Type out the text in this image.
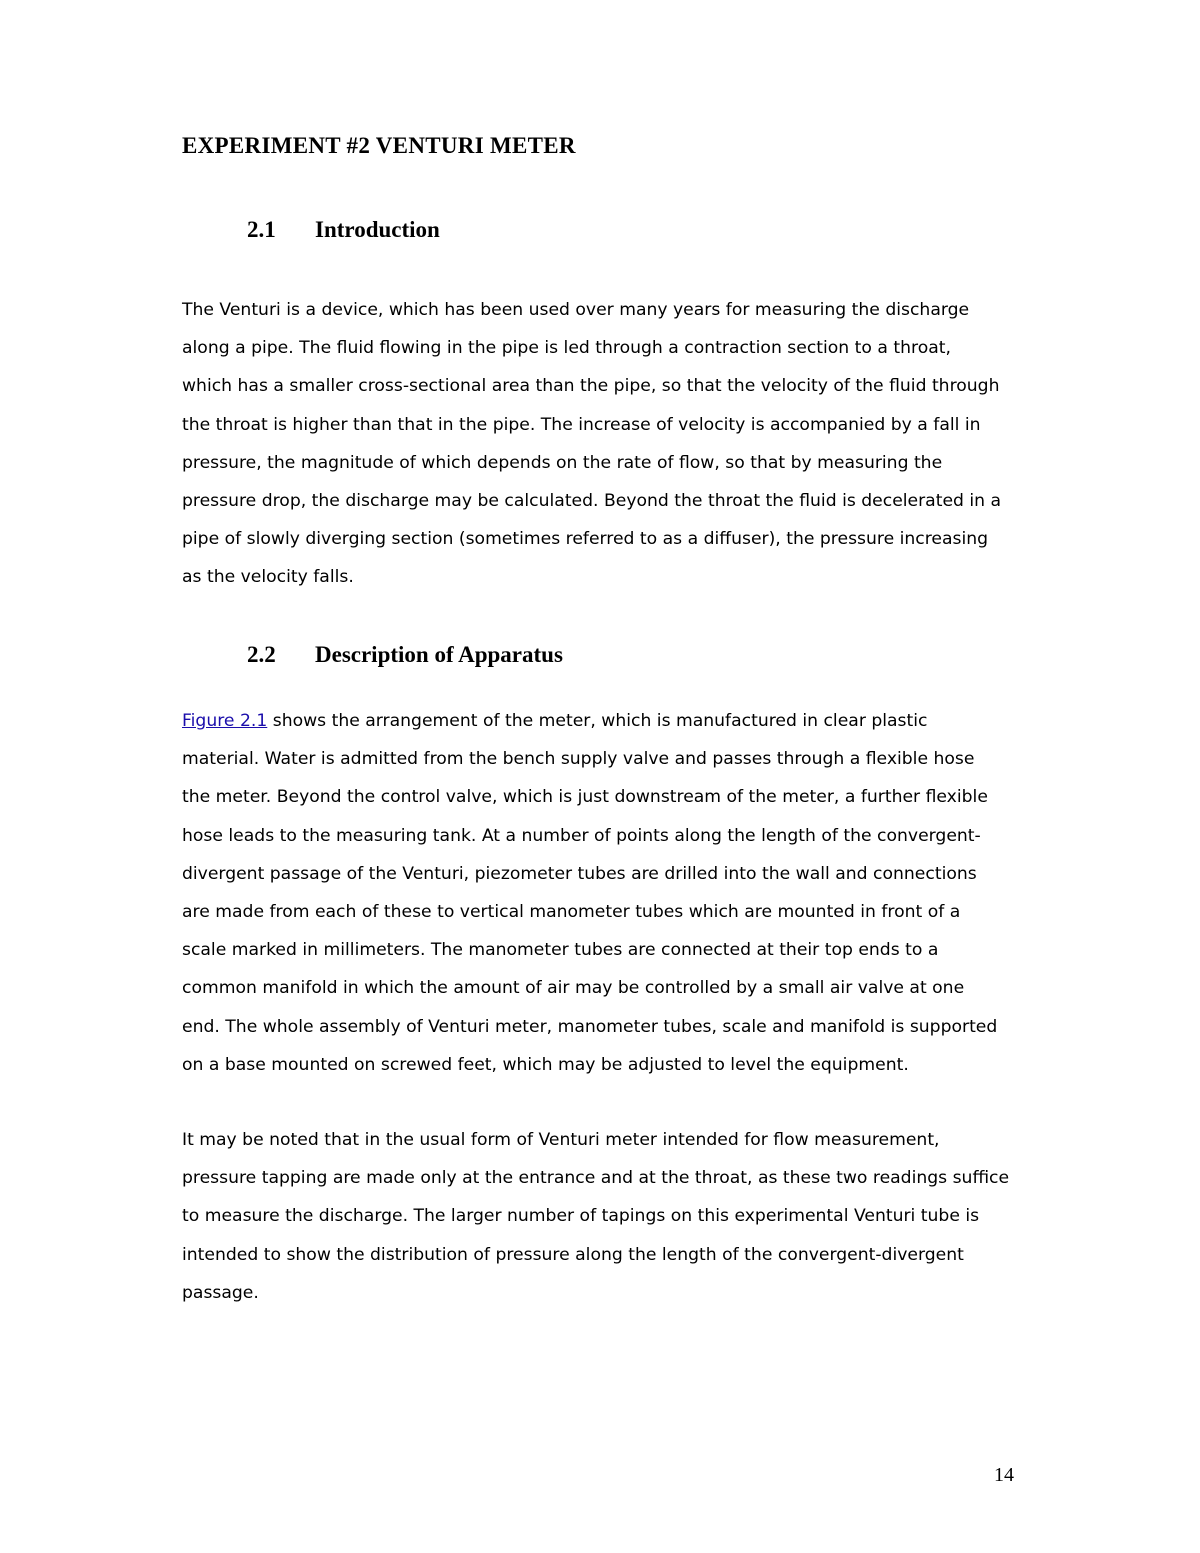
EXPERIMENT #2 VENTURI METER
2.1 Introduction

The Venturi is a device, which has been used over many years for measuring the discharge
along a pipe. The fluid flowing in the pipe is led through a contraction section to a throat,
which has a smaller cross-sectional area than the pipe, so that the velocity of the fluid through
the throat is higher than that in the pipe. The increase of velocity is accompanied by a fall in
pressure, the magnitude of which depends on the rate of flow, so that by measuring the
pressure drop, the discharge may be calculated. Beyond the throat the fluid is decelerated in a
pipe of slowly diverging section (sometimes referred to as a diffuser), the pressure increasing
as the velocity falls.

2.2 Description of Apparatus

Figure 2.1 shows the arrangement of the meter, which is manufactured in clear plastic
material. Water is admitted from the bench supply valve and passes through a flexible hose
the meter. Beyond the control valve, which is just downstream of the meter, a further flexible
hose leads to the measuring tank. At a number of points along the length of the convergent-
divergent passage of the Venturi, piezometer tubes are drilled into the wall and connections
are made from each of these to vertical manometer tubes which are mounted in front of a
scale marked in millimeters. The manometer tubes are connected at their top ends to a
common manifold in which the amount of air may be controlled by a small air valve at one
end. The whole assembly of Venturi meter, manometer tubes, scale and manifold is supported
on a base mounted on screwed feet, which may be adjusted to level the equipment.

It may be noted that in the usual form of Venturi meter intended for flow measurement,
pressure tapping are made only at the entrance and at the throat, as these two readings suffice
to measure the discharge. The larger number of tapings on this experimental Venturi tube is
intended to show the distribution of pressure along the length of the convergent-divergent
passage.

14
